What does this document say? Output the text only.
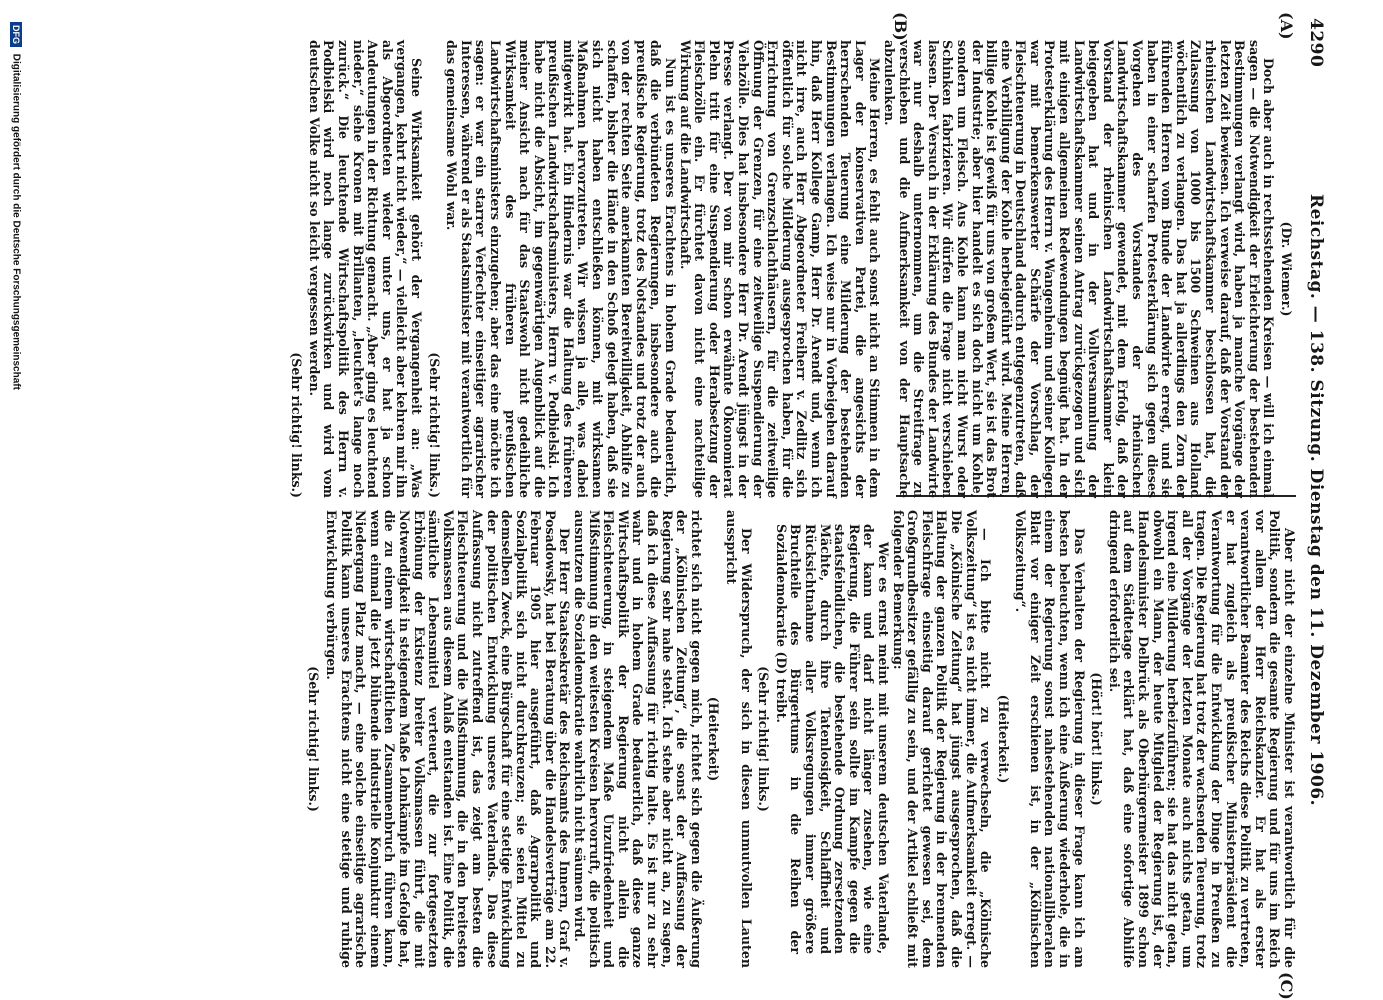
4290
Reichstag. — 138. Sitzung. Dienstag den 11. Dezember 1906.
(A)
(B)
(C)

(Dr. Wiemer.)

Doch aber auch in rechtsstehenden Kreisen — will ich einmal sagen — die Notwendigkeit der Erleichterung der bestehenden Bestimmungen verlangt wird, haben ja manche Vorgänge der letzten Zeit bewiesen. Ich verweise darauf, daß der Vorstand der rheinischen Landwirtschaftskammer beschlossen hat, die Zulassung von 1000 bis 1500 Schweinen aus Holland wöchentlich zu verlangen. Das hat ja allerdings den Zorn der führenden Herren vom Bunde der Landwirte erregt, und sie haben in einer scharfen Protesterklärung sich gegen dieses Vorgehen des Vorstandes der rheinischen Landwirtschaftskammer gewendet, mit dem Erfolg, daß der Vorstand der rheinischen Landwirtschaftskammer klein beigegeben hat und in der Vollversammlung der Landwirtschaftskammer seinen Antrag zurückgezogen und sich mit einigen allgemeinen Redewendungen begnügt hat. In der Protesterklärung des Herrn v. Wangenheim und seiner Kollegen war mit bemerkenswerter Schärfe der Vorschlag, der Fleischteuerung in Deutschland dadurch entgegenzutreten, daß eine Verbilligung der Kohle herbeigeführt wird. Meine Herren, billige Kohle ist gewiß für uns von großem Wert, sie ist das Brot der Industrie; aber hier handelt es sich doch nicht um Kohle, sondern um Fleisch. Aus Kohle kann man nicht Wurst oder Schinken fabrizieren. Wir dürfen die Frage nicht verschieben lassen. Der Versuch in der Erklärung des Bundes der Landwirte war nur deshalb unternommen, um die Streitfrage zu verschieben und die Aufmerksamkeit von der Hauptsache abzulenken.

Meine Herren, es fehlt auch sonst nicht an Stimmen in dem Lager der konservativen Partei, die angesichts der herrschenden Teuerung eine Milderung der bestehenden Bestimmungen verlangen. Ich weise nur in Vorbeigehen darauf hin, daß Herr Kollege Gamp, Herr Dr. Arendt und, wenn ich nicht irre, auch Herr Abgeordneter Freiherr v. Zedlitz sich öffentlich für solche Milderung ausgesprochen haben, für die Errichtung von Grenzschlachthäusern, für die zeitweilige Öffnung der Grenzen, für eine zeitweilige Suspendierung der Viehzölle. Dies hat insbesondere Herr Dr. Arendt jüngst in der Presse verlangt. Der von mir schon erwähnte Ökonomierat Plehn tritt für eine Suspendierung oder Herabsetzung der Fleischzölle ein. Er fürchtet davon nicht eine nachteilige Wirkung auf die Landwirtschaft.

Nun ist es unseres Erachtens in hohem Grade bedauerlich, daß die verbündeten Regierungen, insbesondere auch die preußische Regierung, trotz des Notstandes und trotz der auch von der rechten Seite anerkannten Bereitwilligkeit, Abhilfe zu schaffen, bisher die Hände in den Schoß gelegt haben, daß sie sich nicht haben entschließen können, mit wirksamen Maßnahmen hervorzutreten. Wir wissen ja alle, was dabei mitgewirkt hat. Ein Hindernis war die Haltung des früheren preußischen Landwirtschaftsministers, Herrn v. Podbielski. Ich habe nicht die Absicht, im gegenwärtigen Augenblick auf die meiner Ansicht nach für das Staatswohl nicht gedeihliche Wirksamkeit des früheren preußischen Landwirtschaftsministers einzugehen; aber das eine möchte ich sagen: er war ein starrer Verfechter einseitiger agrarischer Interessen, während er als Staatsminister mit verantwortlich für das gemeinsame Wohl war.

(Sehr richtig! links.)

Seine Wirksamkeit gehört der Vergangenheit an: „Was vergangen, kehrt nicht wieder,“ — vielleicht aber kehren mir ihn als Abgeordneten wieder unter uns, er hat ja schon Andeutungen in der Richtung gemacht. „Aber ging es leuchtend nieder,“ siehe Kronen mit Brillanten, „leuchtet's lange noch zurück.“ Die leuchtende Wirtschaftspolitik des Herrn v. Podbielski wird noch lange zurückwirken und wird vom deutschen Volke nicht so leicht vergessen werden.

(Sehr richtig! links.)

Aber nicht der einzelne Minister ist verantwortlich für die Politik, sondern die gesamte Regierung und für uns im Reich vor allem der Herr Reichskanzler. Er hat als erster verantwortlicher Beamter des Reichs diese Politik zu vertreten, er hat zugleich als preußischer Ministerpräsident die Verantwortung für die Entwicklung der Dinge in Preußen zu tragen. Die Regierung hat trotz der wachsenden Teuerung, trotz all der Vorgänge der letzten Monate auch nichts getan, um irgend eine Milderung herbeizuführen; sie hat das nicht getan, obwohl ein Mann, der heute Mitglied der Regierung ist, der Handelsminister Delbrück als Oberbürgermeister 1899 schon auf dem Städtetage erklärt hat, daß eine sofortige Abhilfe dringend erforderlich sei.

(Hört! hört! links.)

Das Verhalten der Regierung in dieser Frage kann ich am besten beleuchten, wenn ich eine Äußerung wiederhole, die in einem der Regierung sonst nahestehenden nationalliberalen Blatt vor einiger Zeit erschienen ist, in der „Kölnischen Volkszeitung“.

(Heiterkeit.)

— Ich bitte nicht zu verwechseln, die „Kölnische Volkszeitung“ ist es nicht immer, die Aufmerksamkeit erregt. — Die „Kölnische Zeitung“ hat jüngst ausgesprochen, daß die Haltung der ganzen Politik der Regierung in der brennenden Fleischfrage einseitig darauf gerichtet gewesen sei, dem Großgrundbesitzer gefällig zu sein, und der Artikel schließt mit folgender Bemerkung:

Wer es ernst meint mit unserem deutschen Vaterlande, der kann und darf nicht länger zusehen, wie eine Regierung, die Führer sein sollte im Kampfe gegen die staatsfeindlichen, die bestehende Ordnung zersetzenden Mächte, durch ihre Tatenlosigkeit, Schlaffheit und Rücksichtnahme aller Volksregungen immer größere Bruchteile des Bürgertums in die Reihen der Sozialdemokratie (D) treibt.

(Sehr richtig! links.)

Der Widerspruch, der sich in diesen unmutvollen Lauten ausspricht

(Heiterkeit)

richtet sich nicht gegen mich, richtet sich gegen die Äußerung der „Kölnischen Zeitung“, die sonst der Auffassung der Regierung sehr nahe steht. Ich stehe aber nicht an, zu sagen, daß ich diese Auffassung für richtig halte. Es ist nur zu sehr wahr und in hohem Grade bedauerlich, daß diese ganze Wirtschaftspolitik der Regierung nicht allein die Fleischteuerung, in steigendem Maße Unzufriedenheit und Mißstimmung in den weitesten Kreisen hervorruft, die politisch ausnutzen die Sozialdemokratie wahrlich nicht säumen wird.

Der Herr Staatssekretär des Reichsamts des Innern, Graf v. Posadowsky, hat bei Beratung über die Handelsverträge am 22. Februar 1905 hier ausgeführt, daß Agrarpolitik und Sozialpolitik sich nicht durchkreuzen; sie seien Mittel zu demselben Zweck, eine Bürgschaft für eine stetige Entwicklung der politischen Entwicklung unseres Vaterlands. Das diese Auffassung nicht zutreffend ist, das zeigt am besten die Fleischteuerung und die Mißstimmung, die in den breitesten Volksmassen aus diesem Anlaß entstanden ist. Eine Politik, die sämtliche Lebensmittel verteuert, die zur fortgesetzten Erhöhung der Existenz breiter Volksmassen führt, die mit Notwendigkeit in steigendem Maße Lohnkämpfe im Gefolge hat, die zu einem wirtschaftlichen Zusammenbruch führen kann, wenn einmal die jetzt blühende industrielle Konjunktur einem Niedergang Platz macht, — eine solche einseitige agrarische Politik kann unseres Erachtens nicht eine stetige und ruhige Entwicklung verbürgen.

(Sehr richtig! links.)

DFG Digitalisierung gefördert durch die Deutsche Forschungsgemeinschaft
